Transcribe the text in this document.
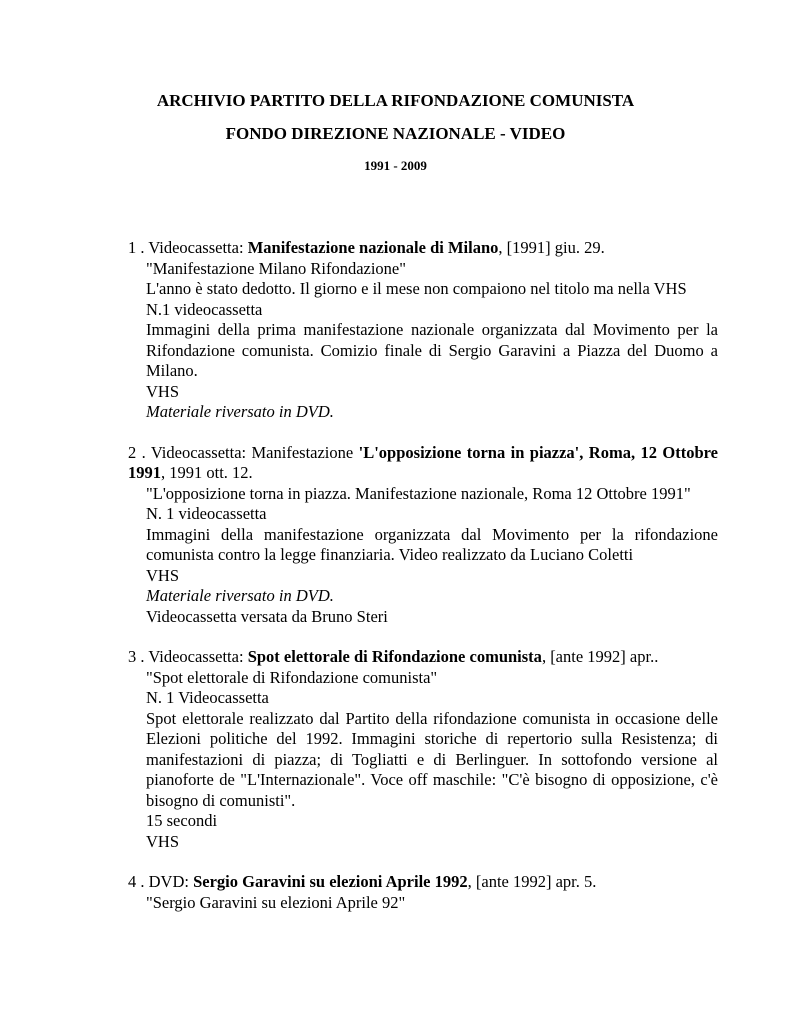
ARCHIVIO PARTITO DELLA RIFONDAZIONE COMUNISTA
FONDO DIREZIONE NAZIONALE - VIDEO
1991 - 2009
1 . Videocassetta: Manifestazione nazionale di Milano, [1991] giu. 29.
"Manifestazione Milano Rifondazione"
L'anno è stato dedotto. Il giorno e il mese non compaiono nel titolo ma nella VHS
N.1 videocassetta
Immagini della prima manifestazione nazionale organizzata dal Movimento per la Rifondazione comunista. Comizio finale di Sergio Garavini a Piazza del Duomo a Milano.
VHS
Materiale riversato in DVD.
2 . Videocassetta: Manifestazione 'L'opposizione torna in piazza', Roma, 12 Ottobre 1991, 1991 ott. 12.
"L'opposizione torna in piazza. Manifestazione nazionale, Roma 12 Ottobre 1991"
N. 1 videocassetta
Immagini della manifestazione organizzata dal Movimento per la rifondazione comunista contro la legge finanziaria. Video realizzato da Luciano Coletti
VHS
Materiale riversato in DVD.
Videocassetta versata da Bruno Steri
3 . Videocassetta: Spot elettorale di Rifondazione comunista, [ante 1992] apr..
"Spot elettorale di Rifondazione comunista"
N. 1 Videocassetta
Spot elettorale realizzato dal Partito della rifondazione comunista in occasione delle Elezioni politiche del 1992. Immagini storiche di repertorio sulla Resistenza; di manifestazioni di piazza; di Togliatti e di Berlinguer. In sottofondo versione al pianoforte de "L'Internazionale". Voce off maschile: "C'è bisogno di opposizione, c'è bisogno di comunisti".
15 secondi
VHS
4 . DVD: Sergio Garavini su elezioni Aprile 1992, [ante 1992] apr. 5.
"Sergio Garavini su elezioni Aprile 92"
